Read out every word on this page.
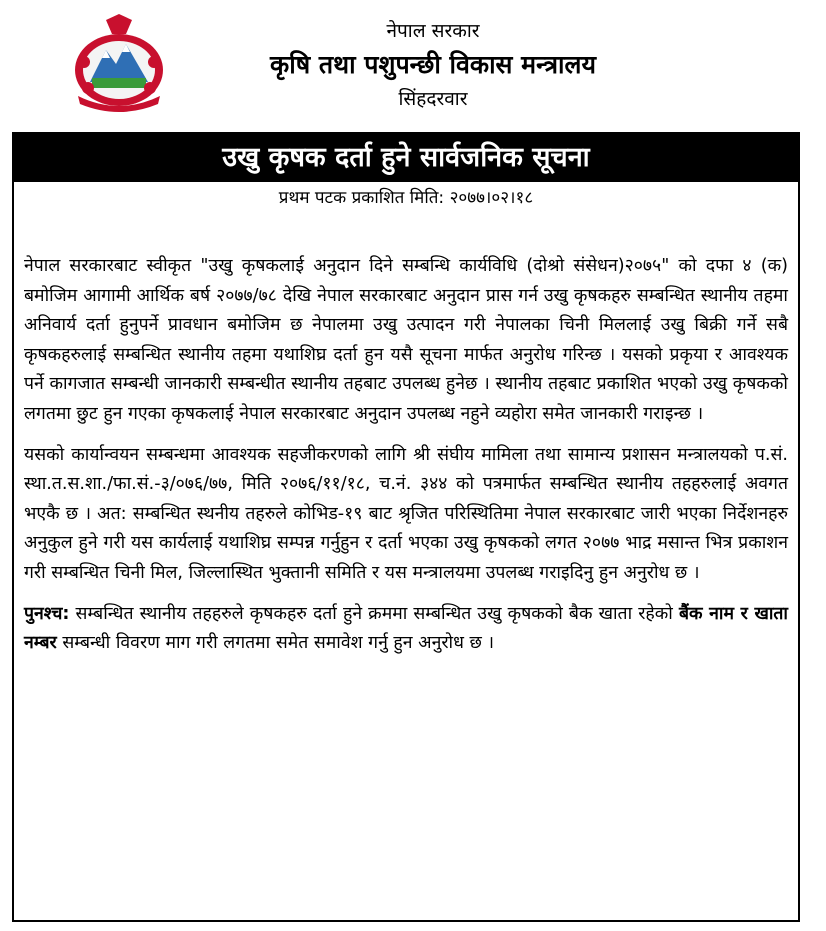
नेपाल सरकार
कृषि तथा पशुपन्छी विकास मन्त्रालय
सिंहदरवार
उखु कृषक दर्ता हुने सार्वजनिक सूचना
प्रथम पटक प्रकाशित मिति: २०७७।०२।१८

नेपाल सरकारबाट स्वीकृत "उखु कृषकलाई अनुदान दिने सम्बन्धि कार्यविधि (दोश्रो संसेधन)२०७५" को दफा ४ (क) बमोजिम आगामी आर्थिक बर्ष २०७७/७८ देखि नेपाल सरकारबाट अनुदान प्रास गर्न उखु कृषकहरु सम्बन्धित स्थानीय तहमा अनिवार्य दर्ता हुनुपर्ने प्रावधान बमोजिम छ नेपालमा उखु उत्पादन गरी नेपालका चिनी मिललाई उखु बिक्री गर्ने सबै कृषकहरुलाई सम्बन्धित स्थानीय तहमा यथाशिघ्र दर्ता हुन यसै सूचना मार्फत अनुरोध गरिन्छ । यसको प्रकृया र आवश्यक पर्ने कागजात सम्बन्धी जानकारी सम्बन्धीत स्थानीय तहबाट उपलब्ध हुनेछ । स्थानीय तहबाट प्रकाशित भएको उखु कृषकको लगतमा छुट हुन गएका कृषकलाई नेपाल सरकारबाट अनुदान उपलब्ध नहुने व्यहोरा समेत जानकारी गराइन्छ ।

यसको कार्यान्वयन सम्बन्धमा आवश्यक सहजीकरणको लागि श्री संघीय मामिला तथा सामान्य प्रशासन मन्त्रालयको प.सं. स्था.त.स.शा./फा.सं.-३/०७६/७७, मिति २०७६/११/१८, च.नं. ३४४ को पत्रमार्फत सम्बन्धित स्थानीय तहहरुलाई अवगत भएकै छ । अत: सम्बन्धित स्थनीय तहरुले कोभिड-१९ बाट श्रृजित परिस्थितिमा नेपाल सरकारबाट जारी भएका निर्देशनहरु अनुकुल हुने गरी यस कार्यलाई यथाशिघ्र सम्पन्न गर्नुहुन र दर्ता भएका उखु कृषकको लगत २०७७ भाद्र मसान्त भित्र प्रकाशन गरी सम्बन्धित चिनी मिल, जिल्लास्थित भुक्तानी समिति र यस मन्त्रालयमा उपलब्ध गराइदिनु हुन अनुरोध छ ।

पुनश्च: सम्बन्धित स्थानीय तहहरुले कृषकहरु दर्ता हुने क्रममा सम्बन्धित उखु कृषकको बैक खाता रहेको बैंक नाम र खाता नम्बर सम्बन्धी विवरण माग गरी लगतमा समेत समावेश गर्नु हुन अनुरोध छ ।
